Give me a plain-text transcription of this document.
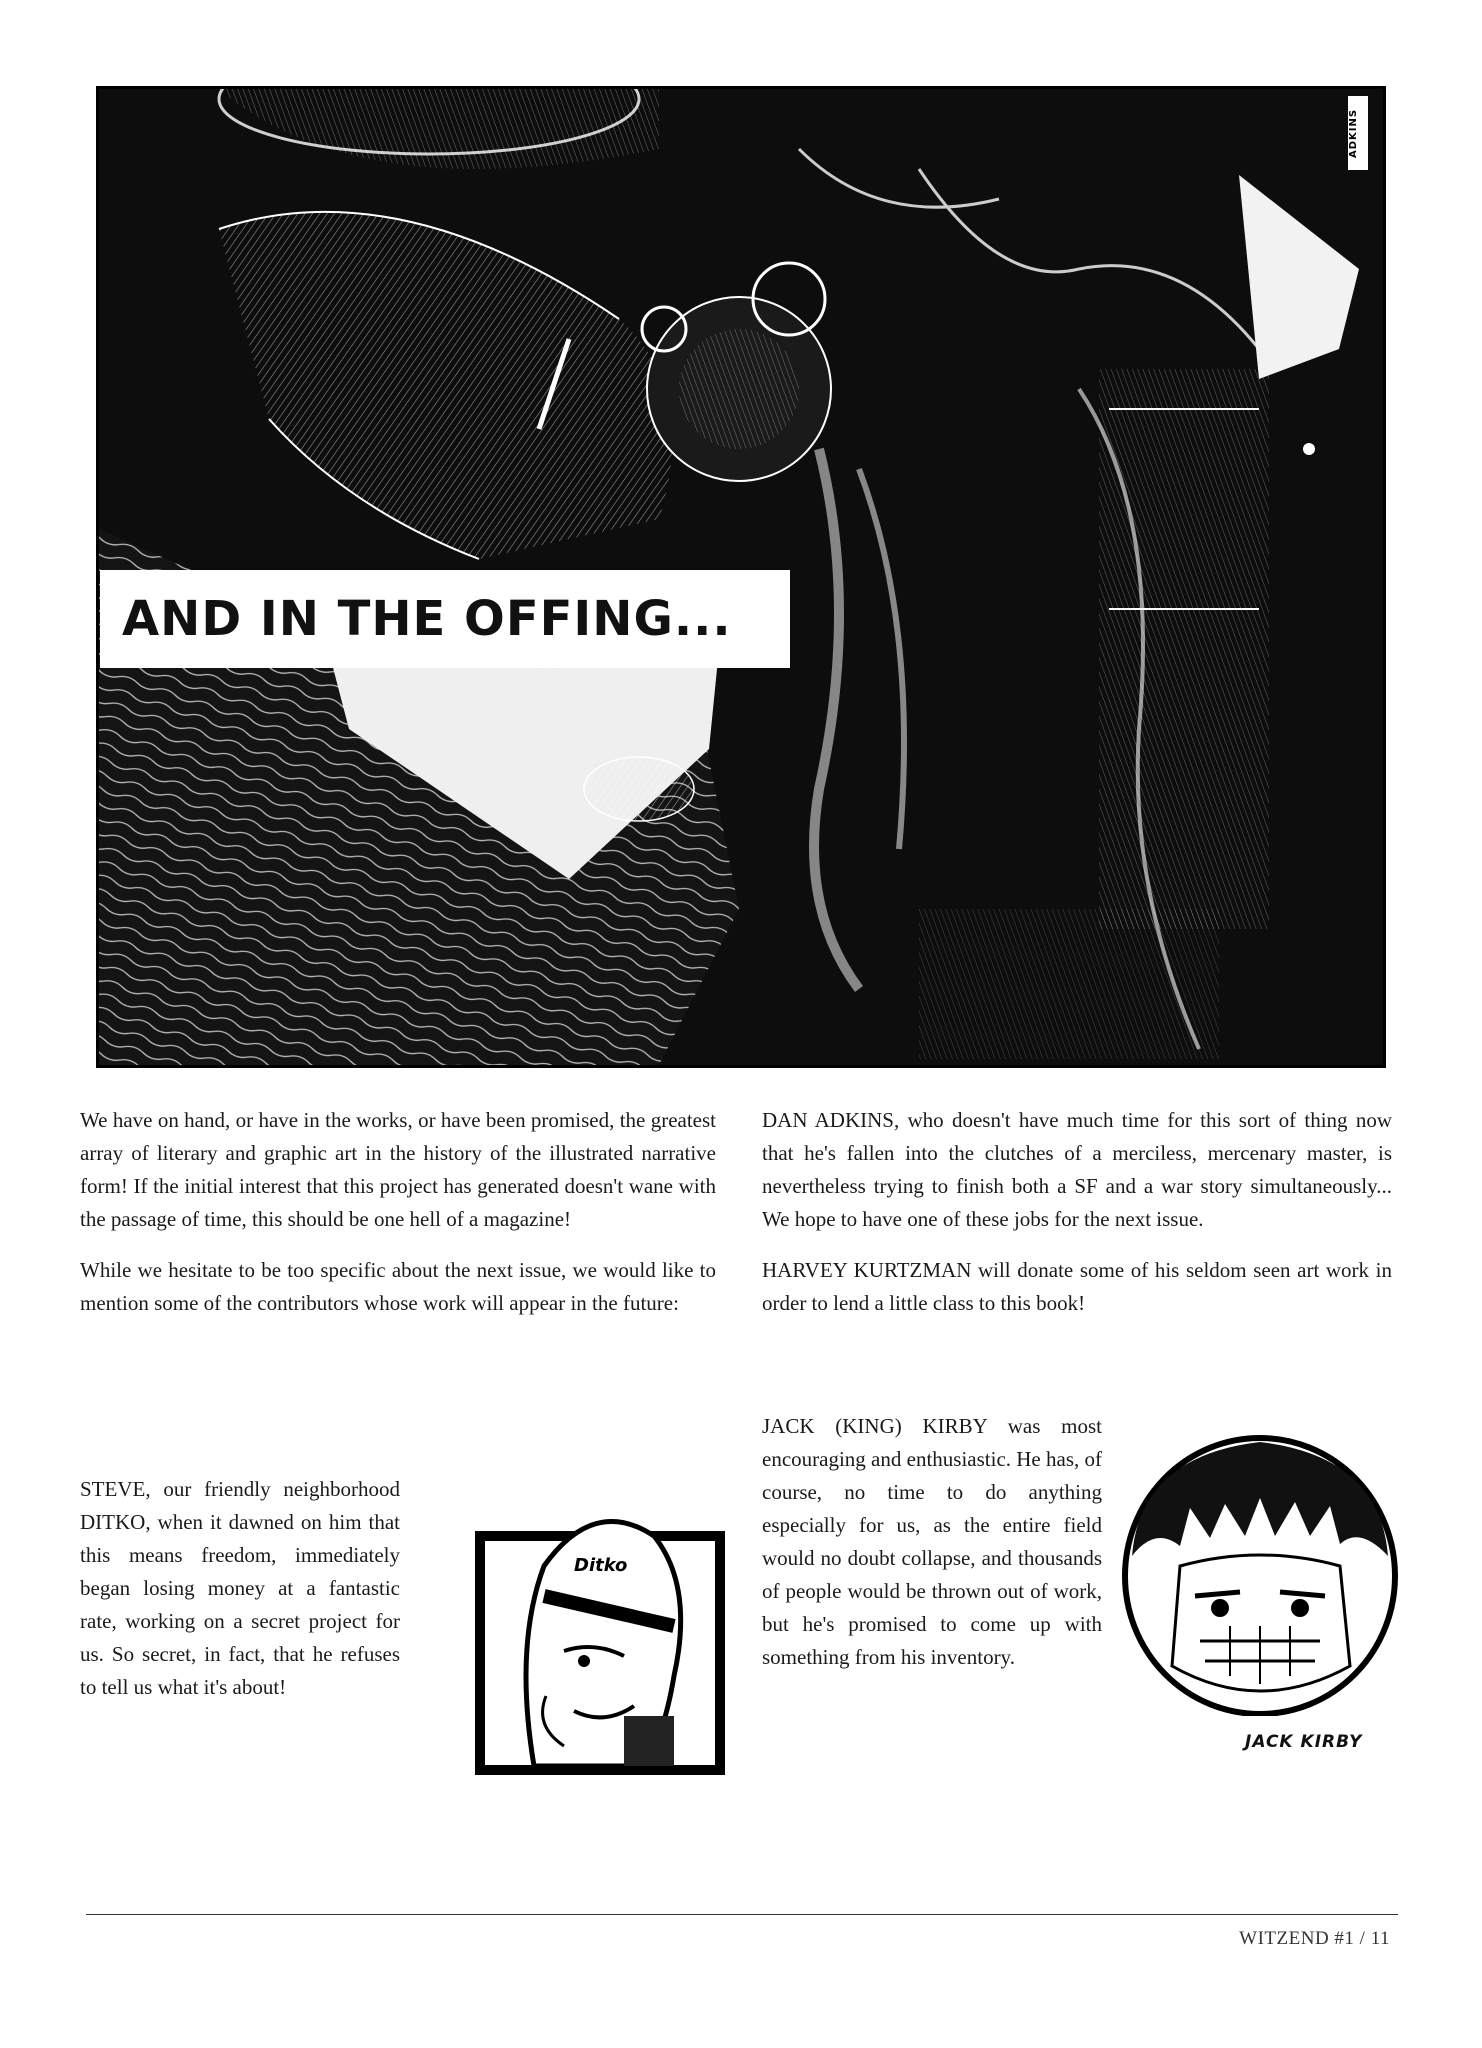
ADKINS
AND IN THE OFFING...

We have on hand, or have in the works, or have been promised, the greatest array of literary and graphic art in the history of the illustrated narrative form! If the initial interest that this project has generated doesn't wane with the passage of time, this should be one hell of a magazine!

While we hesitate to be too specific about the next issue, we would like to mention some of the contributors whose work will appear in the future:

STEVE, our friendly neighborhood DITKO, when it dawned on him that this means freedom, immediately began losing money at a fantastic rate, working on a secret project for us. So secret, in fact, that he refuses to tell us what it's about!
Ditko

DAN ADKINS, who doesn't have much time for this sort of thing now that he's fallen into the clutches of a merciless, mercenary master, is nevertheless trying to finish both a SF and a war story simultaneously... We hope to have one of these jobs for the next issue.

HARVEY KURTZMAN will donate some of his seldom seen art work in order to lend a little class to this book!

JACK (KING) KIRBY was most encouraging and enthusiastic. He has, of course, no time to do anything especially for us, as the entire field would no doubt collapse, and thousands of people would be thrown out of work, but he's promised to come up with something from his inventory.
JACK KIRBY
WITZEND #1 / 11
